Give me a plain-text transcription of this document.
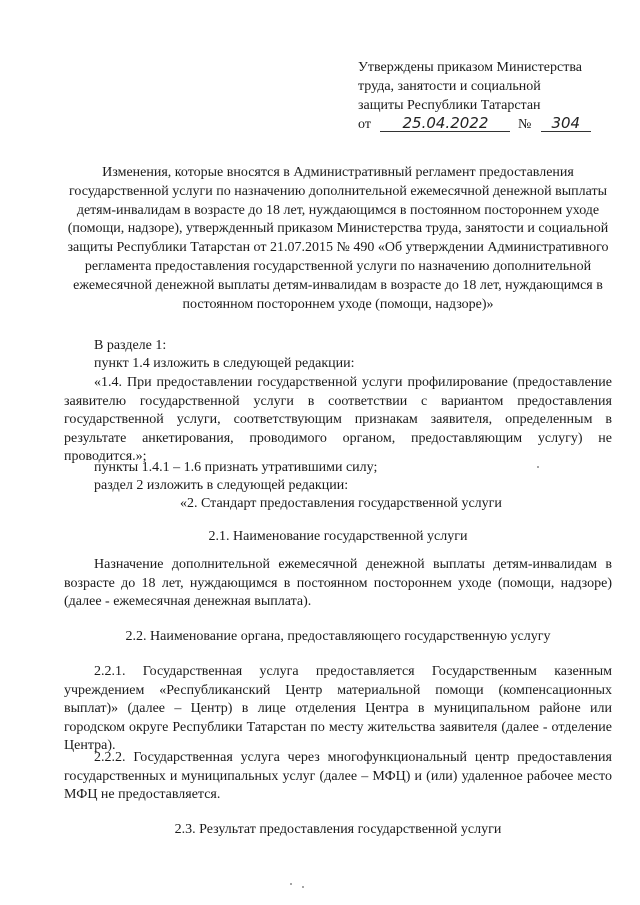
Утверждены приказом Министерства
труда, занятости и социальной
защиты Республики Татарстан
от 25.04.2022 № 304
Изменения, которые вносятся в Административный регламент предоставления государственной услуги по назначению дополнительной ежемесячной денежной выплаты детям-инвалидам в возрасте до 18 лет, нуждающимся в постоянном постороннем уходе (помощи, надзоре), утвержденный приказом Министерства труда, занятости и социальной защиты Республики Татарстан от 21.07.2015 № 490 «Об утверждении Административного регламента предоставления государственной услуги по назначению дополнительной ежемесячной денежной выплаты детям-инвалидам в возрасте до 18 лет, нуждающимся в постоянном постороннем уходе (помощи, надзоре)»
В разделе 1:
пункт 1.4 изложить в следующей редакции:
«1.4. При предоставлении государственной услуги профилирование (предоставление заявителю государственной услуги в соответствии с вариантом предоставления государственной услуги, соответствующим признакам заявителя, определенным в результате анкетирования, проводимого органом, предоставляющим услугу) не проводится.»;
пункты 1.4.1 – 1.6 признать утратившими силу;
раздел 2 изложить в следующей редакции:
«2. Стандарт предоставления государственной услуги
2.1. Наименование государственной услуги
Назначение дополнительной ежемесячной денежной выплаты детям-инвалидам в возрасте до 18 лет, нуждающимся в постоянном постороннем уходе (помощи, надзоре) (далее - ежемесячная денежная выплата).
2.2. Наименование органа, предоставляющего государственную услугу
2.2.1. Государственная услуга предоставляется Государственным казенным учреждением «Республиканский Центр материальной помощи (компенсационных выплат)» (далее – Центр) в лице отделения Центра в муниципальном районе или городском округе Республики Татарстан по месту жительства заявителя (далее - отделение Центра).
2.2.2. Государственная услуга через многофункциональный центр предоставления государственных и муниципальных услуг (далее – МФЦ) и (или) удаленное рабочее место МФЦ не предоставляется.
2.3. Результат предоставления государственной услуги
